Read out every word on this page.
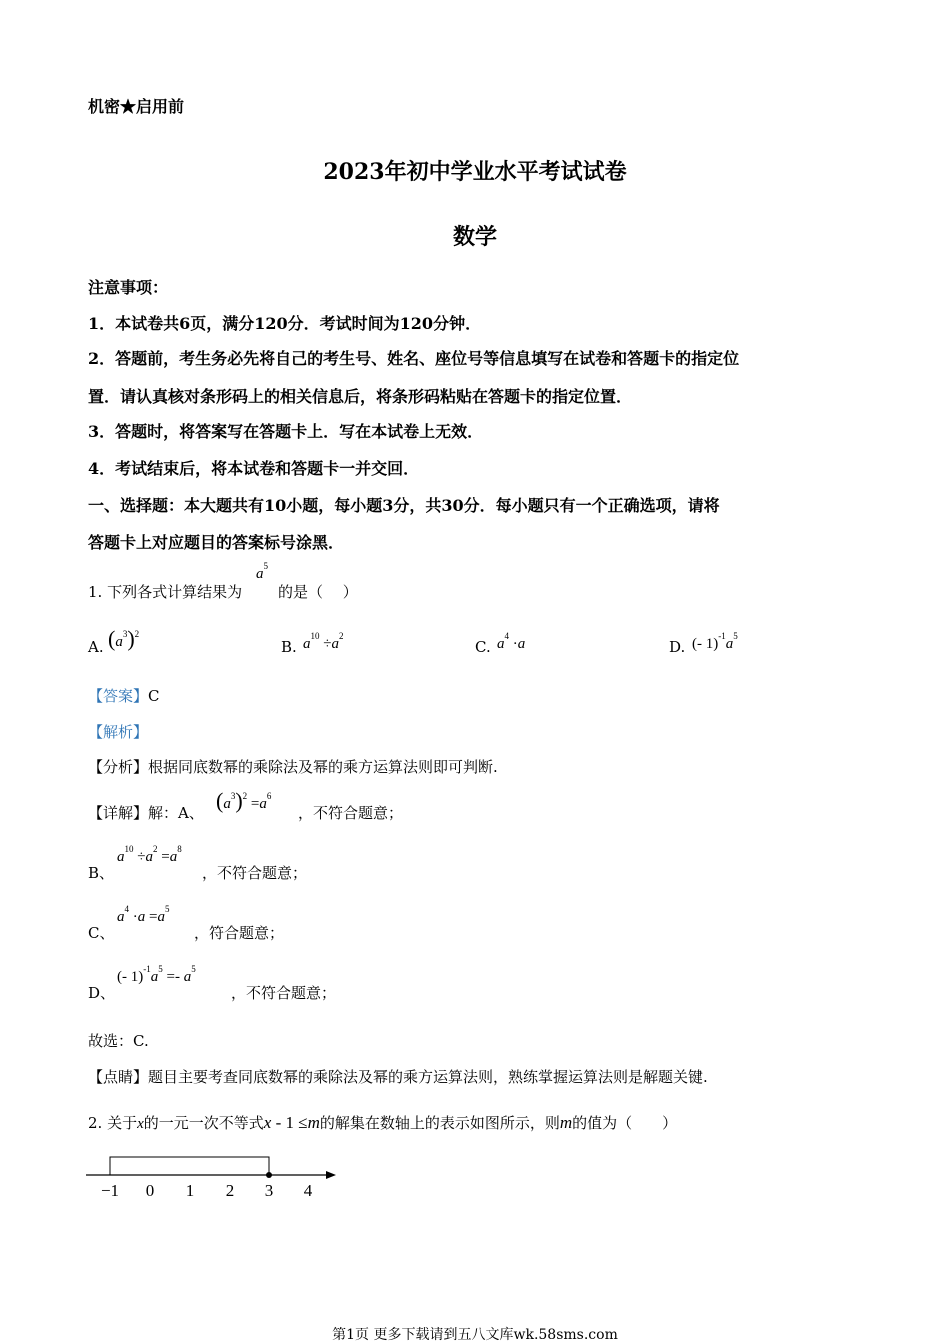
机密★启用前
2023年初中学业水平考试试卷
数学
注意事项：
1．本试卷共6页，满分120分．考试时间为120分钟．
2．答题前，考生务必先将自己的考生号、姓名、座位号等信息填写在试卷和答题卡的指定位
置．请认真核对条形码上的相关信息后，将条形码粘贴在答题卡的指定位置．
3．答题时，将答案写在答题卡上．写在本试卷上无效．
4．考试结束后，将本试卷和答题卡一并交回．
一、选择题：本大题共有10小题，每小题3分，共30分．每小题只有一个正确选项，请将
答题卡上对应题目的答案标号涂黑．
1. 下列各式计算结果为
$a^5$
的是（　 ）
A. $(a^3)^2$
B. $a^{10} \div a^2$
C. $a^4 \cdot a$	D. (- $1)^{-1}a^5$
【答案】C
【解析】
【分析】根据同底数幂的乘除法及幂的乘方运算法则即可判断.
【详解】解：A、 $(a^3)^2 =a^6$
，不符合题意；
B、
$a^{10} \div a^2 =a^8$
，不符合题意；
C、
$a^4 \cdot a =a^5$
，符合题意；
D、
(- $1)^{-1}a^5 =- a^5$
，不符合题意；
故选：C.
【点睛】题目主要考查同底数幂的乘除法及幂的乘方运算法则，熟练掌握运算法则是解题关键.
2. 关于x的一元一次不等式x - 1 ≤m的解集在数轴上的表示如图所示，则m的值为（　　）
−1 0 1 2 3 4
第1页 更多下载请到五八文库wk.58sms.com
